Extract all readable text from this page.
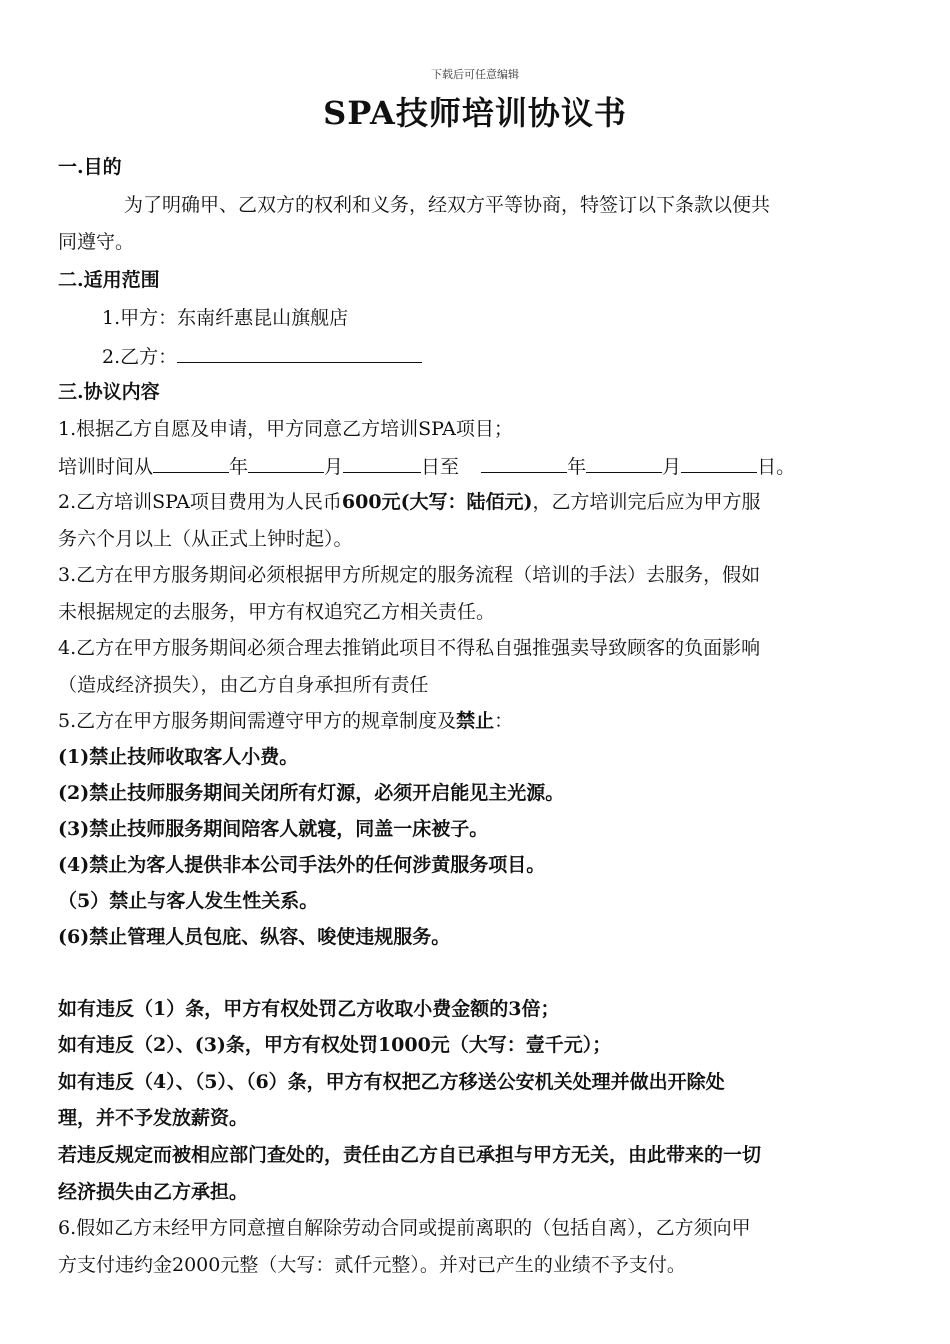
下载后可任意编辑
SPA技师培训协议书
一.目的
为了明确甲、乙双方的权利和义务，经双方平等协商，特签订以下条款以便共
同遵守。
二.适用范围
1.甲方：东南纤惠昆山旗舰店
2.乙方：
三.协议内容
1.根据乙方自愿及申请，甲方同意乙方培训SPA项目；
培训时间从	年	月	日至	年	月	日。
2.乙方培训SPA项目费用为人民币600元(大写：陆佰元)，乙方培训完后应为甲方服
务六个月以上（从正式上钟时起）。
3.乙方在甲方服务期间必须根据甲方所规定的服务流程（培训的手法）去服务，假如
未根据规定的去服务，甲方有权追究乙方相关责任。
4.乙方在甲方服务期间必须合理去推销此项目不得私自强推强卖导致顾客的负面影响
（造成经济损失），由乙方自身承担所有责任
5.乙方在甲方服务期间需遵守甲方的规章制度及禁止：
(1)禁止技师收取客人小费。
(2)禁止技师服务期间关闭所有灯源，必须开启能见主光源。
(3)禁止技师服务期间陪客人就寝，同盖一床被子。
(4)禁止为客人提供非本公司手法外的任何涉黄服务项目。
（5）禁止与客人发生性关系。
(6)禁止管理人员包庇、纵容、唆使违规服务。
如有违反（1）条，甲方有权处罚乙方收取小费金额的3倍；
如有违反（2）、(3)条，甲方有权处罚1000元（大写：壹千元）；
如有违反（4）、（5）、（6）条，甲方有权把乙方移送公安机关处理并做出开除处
理，并不予发放薪资。
若违反规定而被相应部门查处的，责任由乙方自已承担与甲方无关，由此带来的一切
经济损失由乙方承担。
6.假如乙方未经甲方同意擅自解除劳动合同或提前离职的（包括自离），乙方须向甲
方支付违约金2000元整（大写：贰仟元整）。并对已产生的业绩不予支付。
